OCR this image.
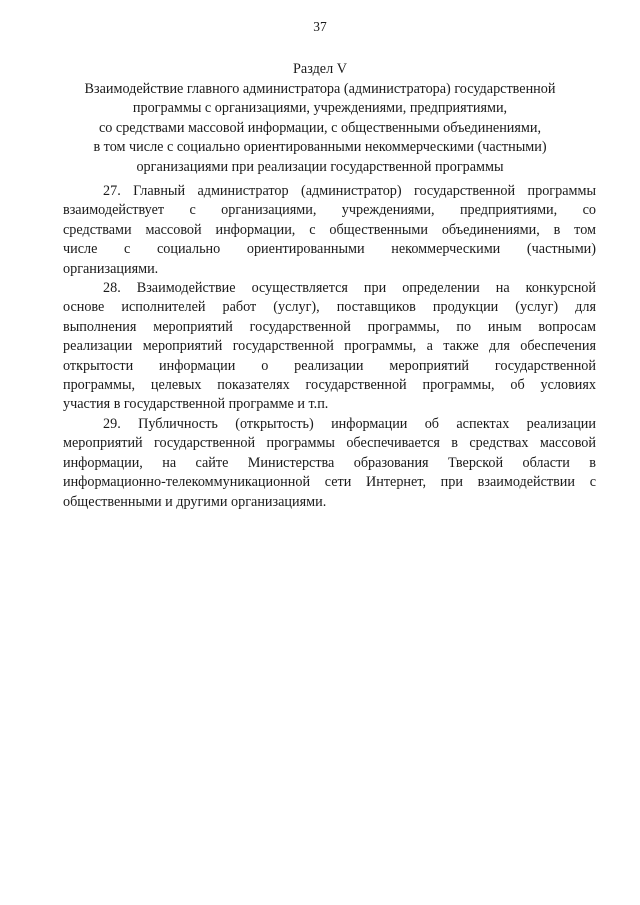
37
Раздел V
Взаимодействие главного администратора (администратора) государственной
программы с организациями, учреждениями, предприятиями,
со средствами массовой информации, с общественными объединениями,
в том числе с социально ориентированными некоммерческими (частными)
организациями при реализации государственной программы

27. Главный администратор (администратор) государственной программы
взаимодействует с организациями, учреждениями, предприятиями, со
средствами массовой информации, с общественными объединениями, в том
числе с социально ориентированными некоммерческими (частными)
организациями.

28. Взаимодействие осуществляется при определении на конкурсной
основе исполнителей работ (услуг), поставщиков продукции (услуг) для
выполнения мероприятий государственной программы, по иным вопросам
реализации мероприятий государственной программы, а также для обеспечения
открытости информации о реализации мероприятий государственной
программы, целевых показателях государственной программы, об условиях
участия в государственной программе и т.п.

29. Публичность (открытость) информации об аспектах реализации
мероприятий государственной программы обеспечивается в средствах массовой
информации, на сайте Министерства образования Тверской области в
информационно-телекоммуникационной сети Интернет, при взаимодействии с
общественными и другими организациями.
